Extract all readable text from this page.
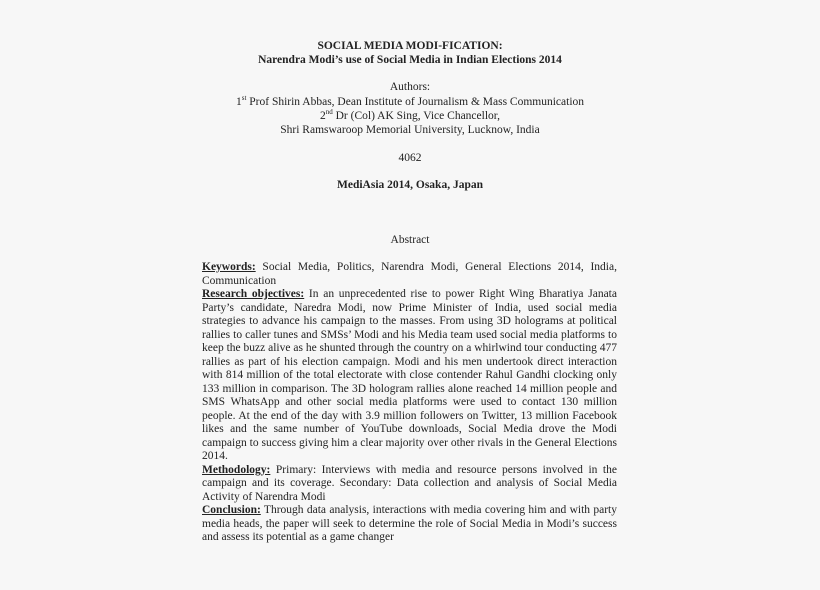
SOCIAL MEDIA MODI-FICATION:
Narendra Modi’s use of Social Media in Indian Elections 2014
Authors:
1st Prof Shirin Abbas, Dean Institute of Journalism & Mass Communication
2nd Dr (Col) AK Sing, Vice Chancellor,
Shri Ramswaroop Memorial University, Lucknow, India
4062
MediAsia 2014, Osaka, Japan
Abstract

Keywords: Social Media, Politics, Narendra Modi, General Elections 2014, India, Communication

Research objectives: In an unprecedented rise to power Right Wing Bharatiya Janata Party’s candidate, Naredra Modi, now Prime Minister of India, used social media strategies to advance his campaign to the masses. From using 3D holograms at political rallies to caller tunes and SMSs’ Modi and his Media team used social media platforms to keep the buzz alive as he shunted through the country on a whirlwind tour conducting 477 rallies as part of his election campaign. Modi and his men undertook direct interaction with 814 million of the total electorate with close contender Rahul Gandhi clocking only 133 million in comparison. The 3D hologram rallies alone reached 14 million people and SMS WhatsApp and other social media platforms were used to contact 130 million people. At the end of the day with 3.9 million followers on Twitter, 13 million Facebook likes and the same number of YouTube downloads, Social Media drove the Modi campaign to success giving him a clear majority over other rivals in the General Elections 2014.

Methodology: Primary: Interviews with media and resource persons involved in the campaign and its coverage. Secondary: Data collection and analysis of Social Media Activity of Narendra Modi

Conclusion: Through data analysis, interactions with media covering him and with party media heads, the paper will seek to determine the role of Social Media in Modi’s success and assess its potential as a game changer
